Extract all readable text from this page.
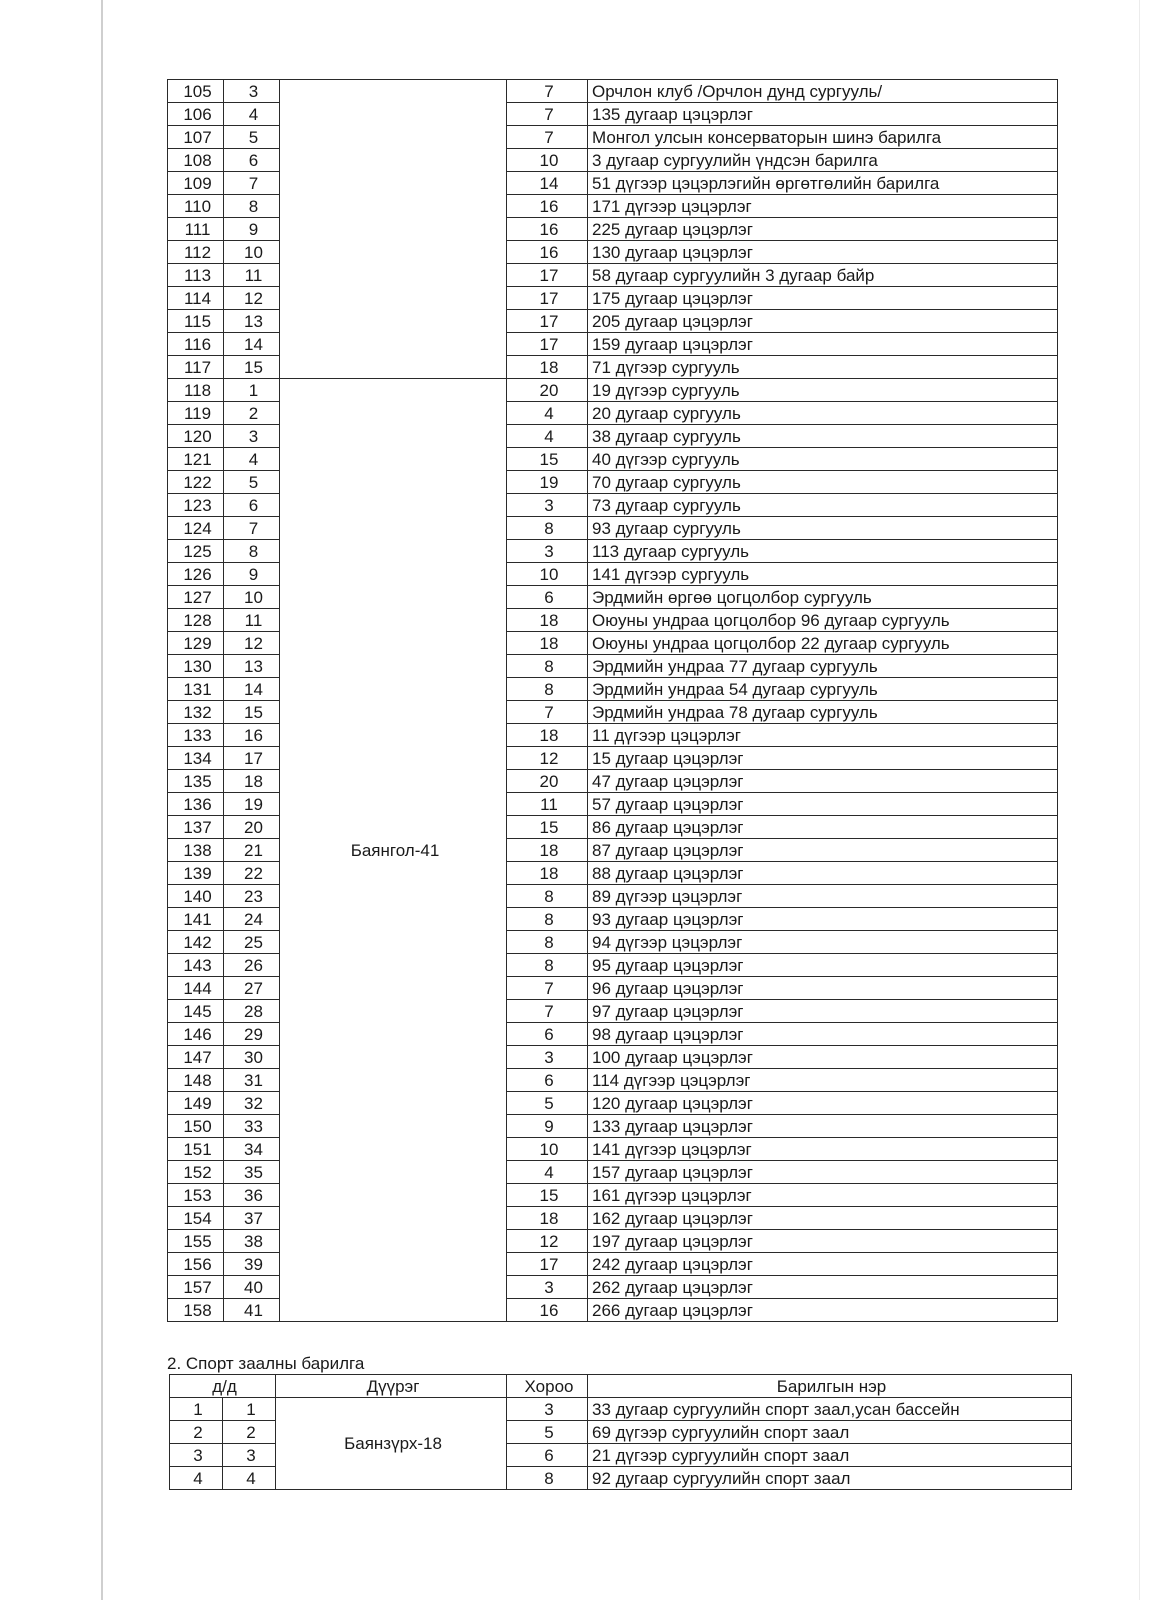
105	3		7	Орчлон клуб /Орчлон дунд сургууль/
106	4		7	135 дугаар цэцэрлэг
107	5		7	Монгол улсын консерваторын шинэ барилга
108	6		10	3 дугаар сургуулийн үндсэн барилга
109	7		14	51 дүгээр цэцэрлэгийн өргөтгөлийн барилга
110	8		16	171 дүгээр цэцэрлэг
111	9		16	225 дугаар цэцэрлэг
112	10		16	130 дугаар цэцэрлэг
113	11		17	58 дугаар сургуулийн 3 дугаар байр
114	12		17	175 дугаар цэцэрлэг
115	13		17	205 дугаар цэцэрлэг
116	14		17	159 дугаар цэцэрлэг
117	15		18	71 дүгээр сургууль
118	1	Баянгол-41	20	19 дүгээр сургууль
119	2		4	20 дугаар сургууль
120	3		4	38 дугаар сургууль
121	4		15	40 дүгээр сургууль
122	5		19	70 дугаар сургууль
123	6		3	73 дугаар сургууль
124	7		8	93 дугаар сургууль
125	8		3	113 дугаар сургууль
126	9		10	141 дүгээр сургууль
127	10		6	Эрдмийн өргөө цогцолбор сургууль
128	11		18	Оюуны ундраа цогцолбор 96 дугаар сургууль
129	12		18	Оюуны ундраа цогцолбор 22 дугаар сургууль
130	13		8	Эрдмийн ундраа 77 дугаар сургууль
131	14		8	Эрдмийн ундраа 54 дугаар сургууль
132	15		7	Эрдмийн ундраа 78 дугаар сургууль
133	16		18	11 дүгээр цэцэрлэг
134	17		12	15 дугаар цэцэрлэг
135	18		20	47 дугаар цэцэрлэг
136	19		11	57 дугаар цэцэрлэг
137	20		15	86 дугаар цэцэрлэг
138	21		18	87 дугаар цэцэрлэг
139	22		18	88 дугаар цэцэрлэг
140	23		8	89 дүгээр цэцэрлэг
141	24		8	93 дугаар цэцэрлэг
142	25		8	94 дүгээр цэцэрлэг
143	26		8	95 дугаар цэцэрлэг
144	27		7	96 дугаар цэцэрлэг
145	28		7	97 дугаар цэцэрлэг
146	29		6	98 дугаар цэцэрлэг
147	30		3	100 дугаар цэцэрлэг
148	31		6	114 дүгээр цэцэрлэг
149	32		5	120 дугаар цэцэрлэг
150	33		9	133 дугаар цэцэрлэг
151	34		10	141 дүгээр цэцэрлэг
152	35		4	157 дугаар цэцэрлэг
153	36		15	161 дүгээр цэцэрлэг
154	37		18	162 дугаар цэцэрлэг
155	38		12	197 дугаар цэцэрлэг
156	39		17	242 дугаар цэцэрлэг
157	40		3	262 дугаар цэцэрлэг
158	41		16	266 дугаар цэцэрлэг
2. Спорт заалны барилга
д/д		Дүүрэг	Хороо	Барилгын нэр
1	1	Баянзүрх-18	3	33 дугаар сургуулийн спорт заал,усан бассейн
2	2		5	69 дүгээр сургуулийн спорт заал
3	3		6	21 дүгээр сургуулийн спорт заал
4	4		8	92 дугаар сургуулийн спорт заал
